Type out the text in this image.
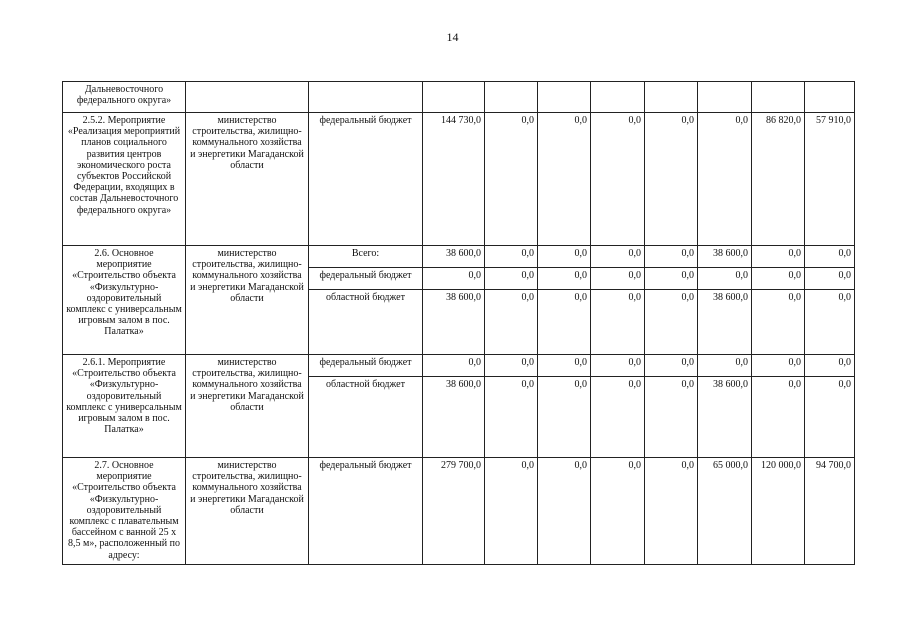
14
Дальневосточного федерального округа»										
2.5.2. Мероприятие «Реализация мероприятий планов социального развития центров экономического роста субъектов Российской Федерации, входящих в состав Дальневосточного федерального округа»	министерство строительства, жилищно-коммунального хозяйства и энергетики Магаданской области	федеральный бюджет	144 730,0	0,0	0,0	0,0	0,0	0,0	86 820,0	57 910,0
2.6. Основное мероприятие «Строительство объекта «Физкультурно-оздоровительный комплекс с универсальным игровым залом в пос. Палатка»	министерство строительства, жилищно-коммунального хозяйства и энергетики Магаданской области	Всего:	38 600,0	0,0	0,0	0,0	0,0	38 600,0	0,0	0,0
		федеральный бюджет	0,0	0,0	0,0	0,0	0,0	0,0	0,0	0,0
		областной бюджет	38 600,0	0,0	0,0	0,0	0,0	38 600,0	0,0	0,0
2.6.1. Мероприятие «Строительство объекта «Физкультурно-оздоровительный комплекс с универсальным игровым залом в пос. Палатка»	министерство строительства, жилищно-коммунального хозяйства и энергетики Магаданской области	федеральный бюджет	0,0	0,0	0,0	0,0	0,0	0,0	0,0	0,0
		областной бюджет	38 600,0	0,0	0,0	0,0	0,0	38 600,0	0,0	0,0
2.7. Основное мероприятие «Строительство объекта «Физкультурно-оздоровительный комплекс с плавательным бассейном с ванной 25 х 8,5 м», расположенный по адресу:	министерство строительства, жилищно-коммунального хозяйства и энергетики Магаданской области	федеральный бюджет	279 700,0	0,0	0,0	0,0	0,0	65 000,0	120 000,0	94 700,0
